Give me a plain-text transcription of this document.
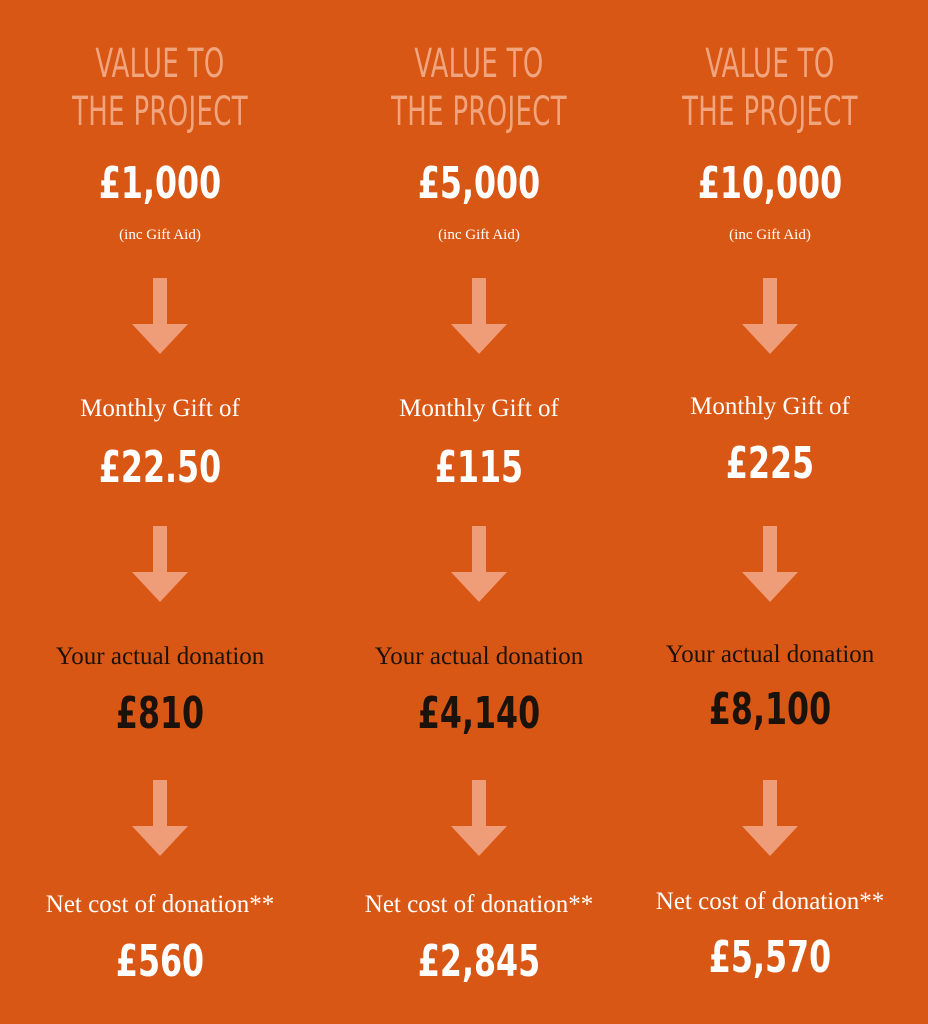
VALUE TO
THE PROJECT
£1,000
(inc Gift Aid)
Monthly Gift of
£22.50
Your actual donation
£810
Net cost of donation**
£560
VALUE TO
THE PROJECT
£5,000
(inc Gift Aid)
Monthly Gift of
£115
Your actual donation
£4,140
Net cost of donation**
£2,845
VALUE TO
THE PROJECT
£10,000
(inc Gift Aid)
Monthly Gift of
£225
Your actual donation
£8,100
Net cost of donation**
£5,570
